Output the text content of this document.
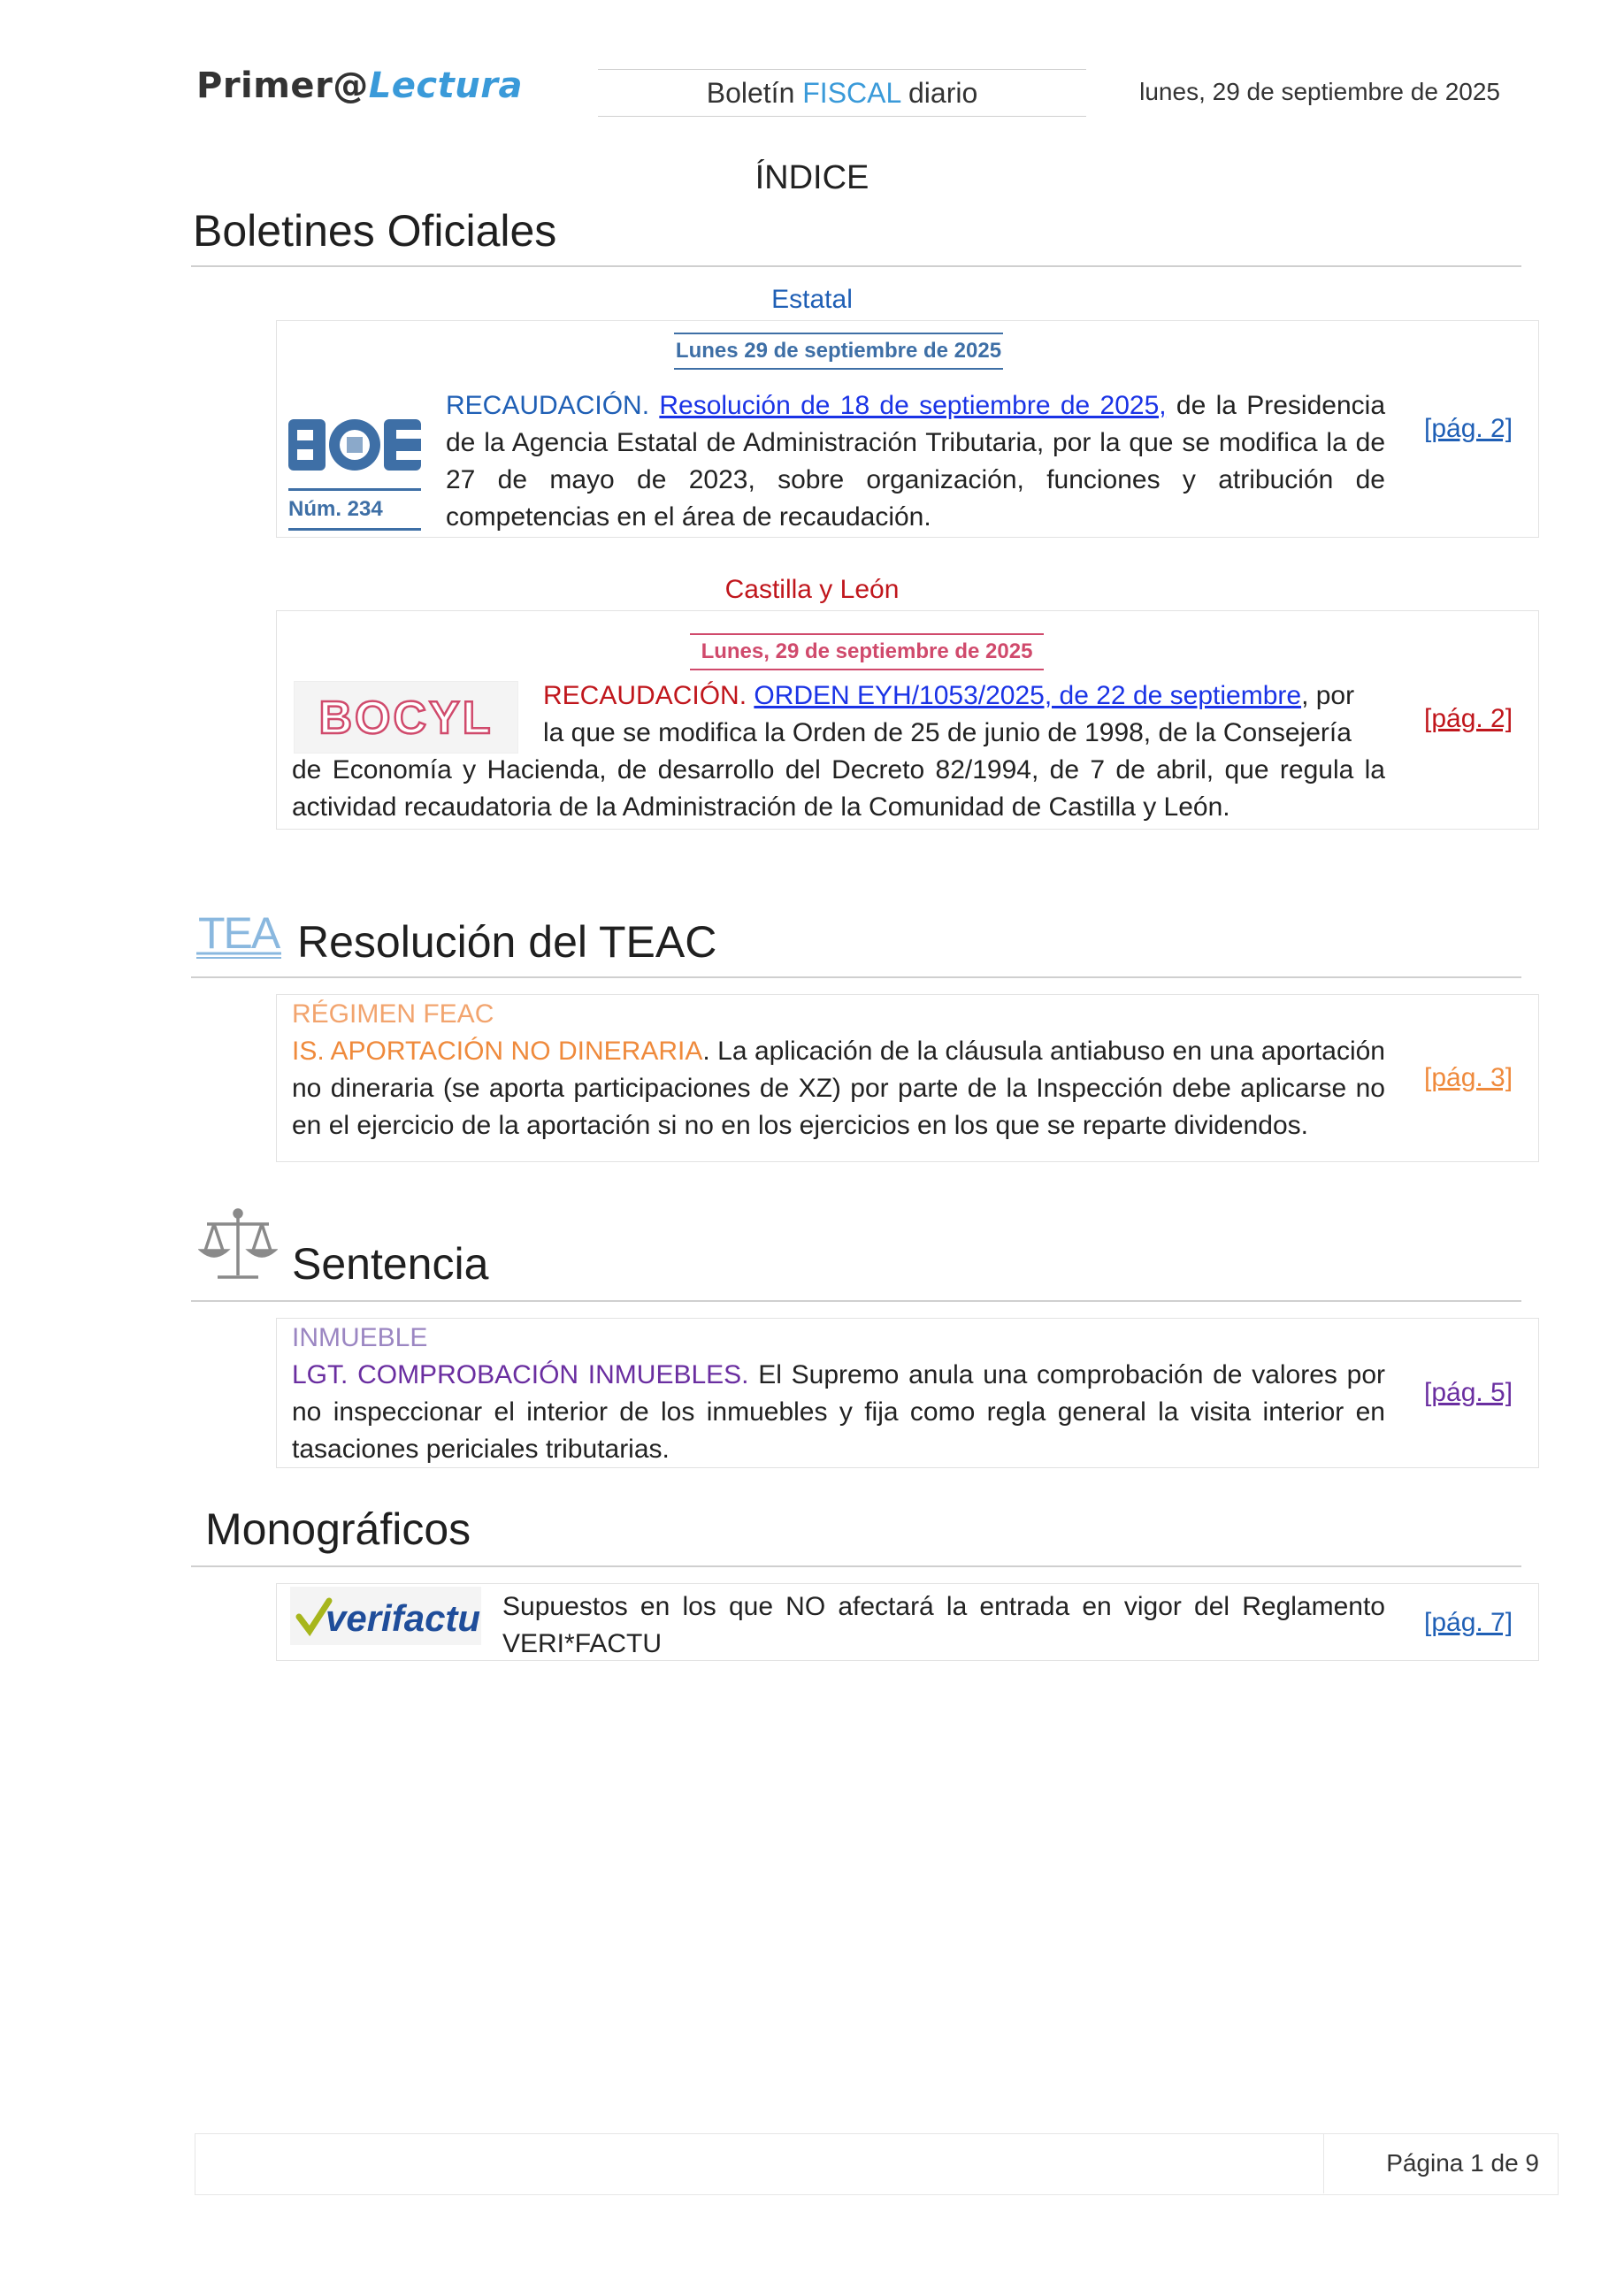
Primer@Lectura	Boletín FISCAL diario	lunes, 29 de septiembre de 2025
ÍNDICE
Boletines Oficiales
Estatal
Lunes 29 de septiembre de 2025
Núm. 234
RECAUDACIÓN. Resolución de 18 de septiembre de 2025, de la Presidencia de la Agencia Estatal de Administración Tributaria, por la que se modifica la de 27 de mayo de 2023, sobre organización, funciones y atribución de competencias en el área de recaudación.
[pág. 2]
Castilla y León
Lunes, 29 de septiembre de 2025
BOCYL RECAUDACIÓN. ORDEN EYH/1053/2025, de 22 de septiembre, por
la que se modifica la Orden de 25 de junio de 1998, de la Consejería
de Economía y Hacienda, de desarrollo del Decreto 82/1994, de 7 de abril, que regula la actividad recaudatoria de la Administración de la Comunidad de Castilla y León.
[pág. 2]
TEA Resolución del TEAC
RÉGIMEN FEAC
IS. APORTACIÓN NO DINERARIA. La aplicación de la cláusula antiabuso en una aportación no dineraria (se aporta participaciones de XZ) por parte de la Inspección debe aplicarse no en el ejercicio de la aportación si no en los ejercicios en los que se reparte dividendos.
[pág. 3]
Sentencia
INMUEBLE
LGT. COMPROBACIÓN INMUEBLES. El Supremo anula una comprobación de valores por no inspeccionar el interior de los inmuebles y fija como regla general la visita interior en tasaciones periciales tributarias.
[pág. 5]
Monográficos
verifactu Supuestos en los que NO afectará la entrada en vigor del Reglamento VERI*FACTU
[pág. 7]
Página 1 de 9
